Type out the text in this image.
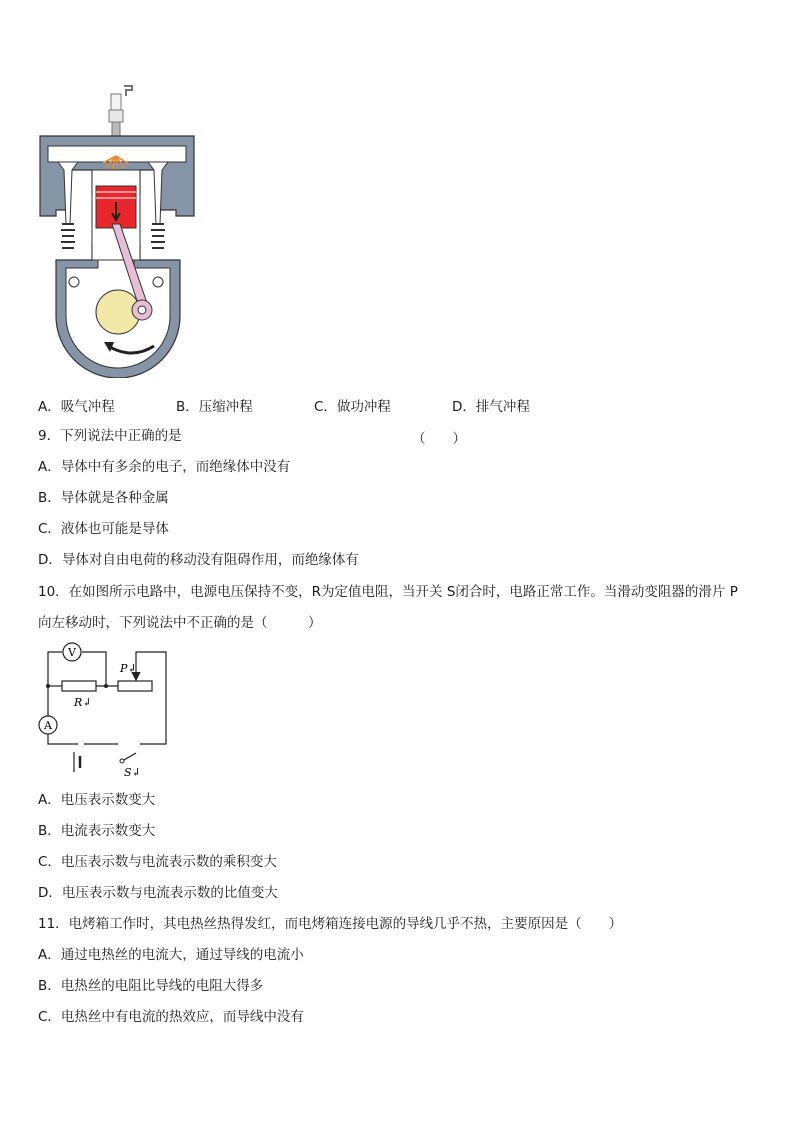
A．吸气冲程	B．压缩冲程	C．做功冲程	D．排气冲程
9．下列说法中正确的是	（　　）
A．导体中有多余的电子，而绝缘体中没有
B．导体就是各种金属
C．液体也可能是导体
D．导体对自由电荷的移动没有阻碍作用，而绝缘体有
10．在如图所示电路中，电源电压保持不变，R为定值电阻，当开关 S闭合时，电路正常工作。当滑动变阻器的滑片 P
向左移动时，下列说法中不正确的是（　　　）
V
R↲
P↲
A
S↲
A．电压表示数变大
B．电流表示数变大
C．电压表示数与电流表示数的乘积变大
D．电压表示数与电流表示数的比值变大
11．电烤箱工作时，其电热丝热得发红，而电烤箱连接电源的导线几乎不热，主要原因是（　　）
A．通过电热丝的电流大，通过导线的电流小
B．电热丝的电阻比导线的电阻大得多
C．电热丝中有电流的热效应，而导线中没有
